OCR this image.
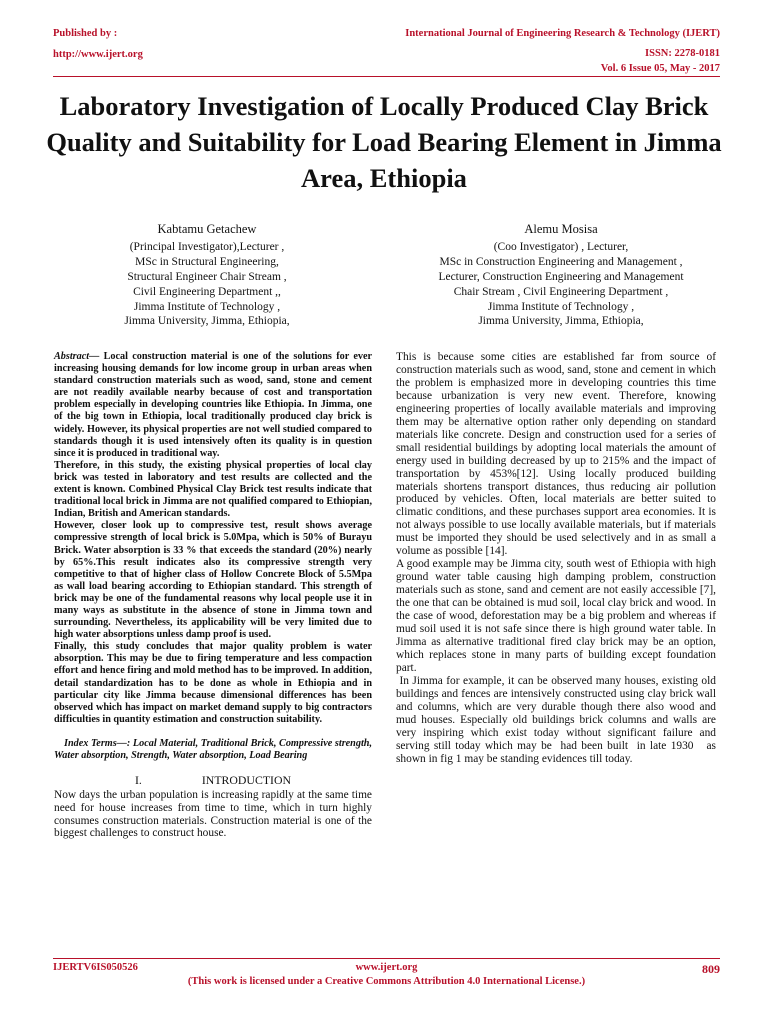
Published by :
http://www.ijert.org
International Journal of Engineering Research & Technology (IJERT)
ISSN: 2278-0181
Vol. 6 Issue 05, May - 2017
Laboratory Investigation of Locally Produced Clay Brick Quality and Suitability for Load Bearing Element in Jimma Area, Ethiopia
Kabtamu Getachew
(Principal Investigator),Lecturer ,
MSc in Structural Engineering,
Structural Engineer Chair Stream ,
Civil Engineering Department ,,
Jimma Institute of Technology ,
Jimma University, Jimma, Ethiopia,
Alemu Mosisa
(Coo Investigator) , Lecturer,
MSc in Construction Engineering and Management ,
Lecturer, Construction Engineering and Management
Chair Stream , Civil Engineering Department ,
Jimma Institute of Technology ,
Jimma University, Jimma, Ethiopia,

Abstract— Local construction material is one of the solutions for ever increasing housing demands for low income group in urban areas when standard construction materials such as wood, sand, stone and cement are not readily available nearby because of cost and transportation problem especially in developing countries like Ethiopia. In Jimma, one of the big town in Ethiopia, local traditionally produced clay brick is widely. However, its physical properties are not well studied compared to standards though it is used intensively often its quality is in question since it is produced in traditional way.

Therefore, in this study, the existing physical properties of local clay brick was tested in laboratory and test results are collected and the extent is known. Combined Physical Clay Brick test results indicate that traditional local brick in Jimma are not qualified compared to Ethiopian, Indian, British and American standards.

However, closer look up to compressive test, result shows average compressive strength of local brick is 5.0Mpa, which is 50% of Burayu Brick. Water absorption is 33 % that exceeds the standard (20%) nearly by 65%.This result indicates also its compressive strength very competitive to that of higher class of Hollow Concrete Block of 5.5Mpa as wall load bearing according to Ethiopian standard. This strength of brick may be one of the fundamental reasons why local people use it in many ways as substitute in the absence of stone in Jimma town and surrounding. Nevertheless, its applicability will be very limited due to high water absorptions unless damp proof is used.

Finally, this study concludes that major quality problem is water absorption. This may be due to firing temperature and less compaction effort and hence firing and mold method has to be improved. In addition, detail standardization has to be done as whole in Ethiopia and in particular city like Jimma because dimensional differences has been observed which has impact on market demand supply to big contractors difficulties in quantity estimation and construction suitability.

Index Terms—: Local Material, Traditional Brick, Compressive strength, Water absorption, Strength, Water absorption, Load Bearing

I.	INTRODUCTION

Now days the urban population is increasing rapidly at the same time need for house increases from time to time, which in turn highly consumes construction materials. Construction material is one of the biggest challenges to construct house.

This is because some cities are established far from source of construction materials such as wood, sand, stone and cement in which the problem is emphasized more in developing countries this time because urbanization is very new event. Therefore, knowing engineering properties of locally available materials and improving them may be alternative option rather only depending on standard materials like concrete. Design and construction used for a series of small residential buildings by adopting local materials the amount of energy used in building decreased by up to 215% and the impact of transportation by 453%[12]. Using locally produced building materials shortens transport distances, thus reducing air pollution produced by vehicles. Often, local materials are better suited to climatic conditions, and these purchases support area economies. It is not always possible to use locally available materials, but if materials must be imported they should be used selectively and in as small a volume as possible [14].

A good example may be Jimma city, south west of Ethiopia with high ground water table causing high damping problem, construction materials such as stone, sand and cement are not easily accessible [7], the one that can be obtained is mud soil, local clay brick and wood. In the case of wood, deforestation may be a big problem and whereas if mud soil used it is not safe since there is high ground water table. In Jimma as alternative traditional fired clay brick may be an option, which replaces stone in many parts of building except foundation part.

In Jimma for example, it can be observed many houses, existing old buildings and fences are intensively constructed using clay brick wall and columns, which are very durable though there also wood and mud houses. Especially old buildings brick columns and walls are very inspiring which exist today without significant failure and serving still today which may be  had been built  in late 1930   as shown in fig 1 may be standing evidences till today.

IJERTV6IS050526	www.ijert.org	809
(This work is licensed under a Creative Commons Attribution 4.0 International License.)
